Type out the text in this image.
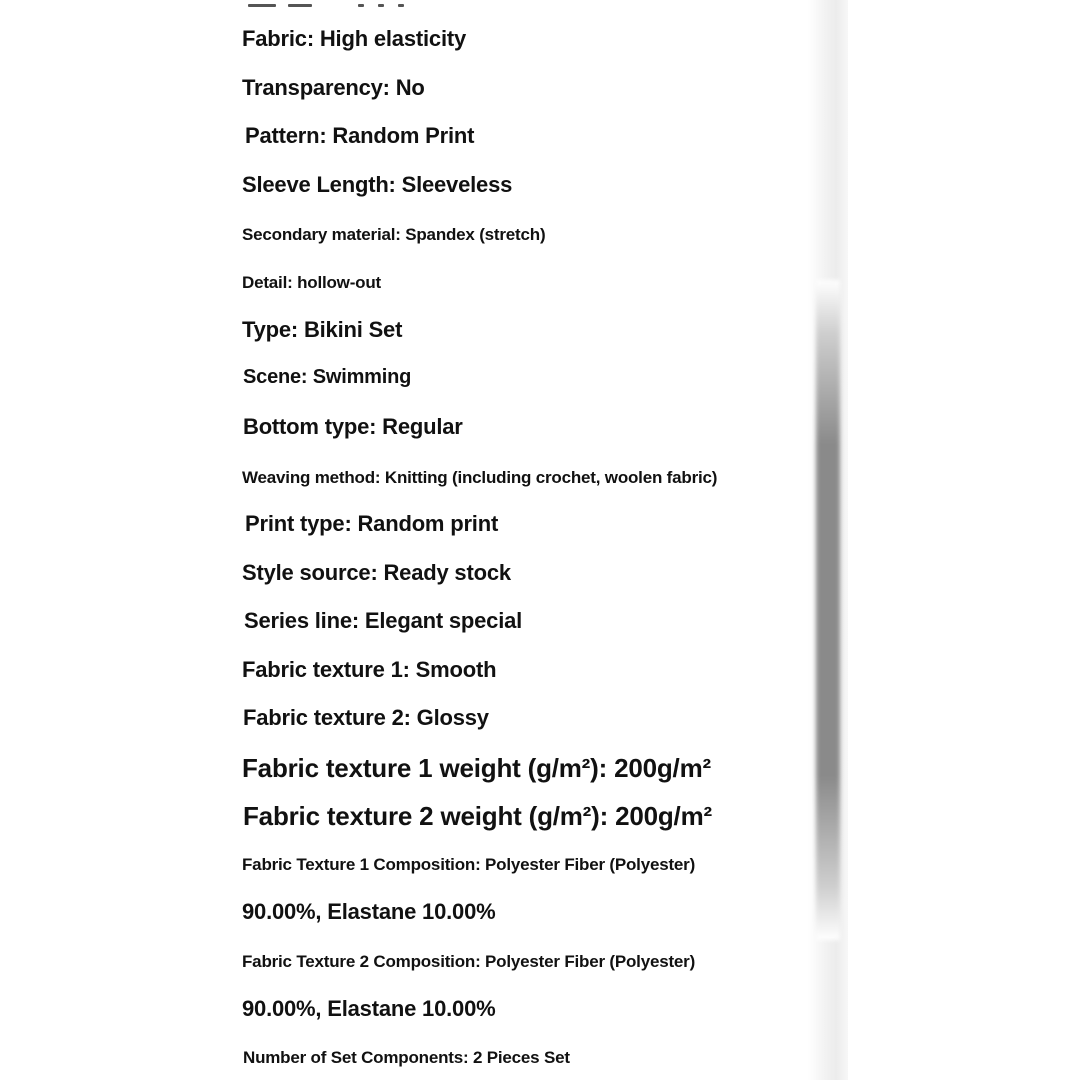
Fabric: High elasticity

Transparency: No

Pattern: Random Print

Sleeve Length: Sleeveless

Secondary material: Spandex (stretch)

Detail: hollow-out

Type: Bikini Set

Scene: Swimming

Bottom type: Regular

Weaving method: Knitting (including crochet, woolen fabric)

Print type: Random print

Style source: Ready stock

Series line: Elegant special

Fabric texture 1: Smooth

Fabric texture 2: Glossy

Fabric texture 1 weight (g/m²): 200g/m²

Fabric texture 2 weight (g/m²): 200g/m²

Fabric Texture 1 Composition: Polyester Fiber (Polyester)

90.00%, Elastane 10.00%

Fabric Texture 2 Composition: Polyester Fiber (Polyester)

90.00%, Elastane 10.00%

Number of Set Components: 2 Pieces Set
